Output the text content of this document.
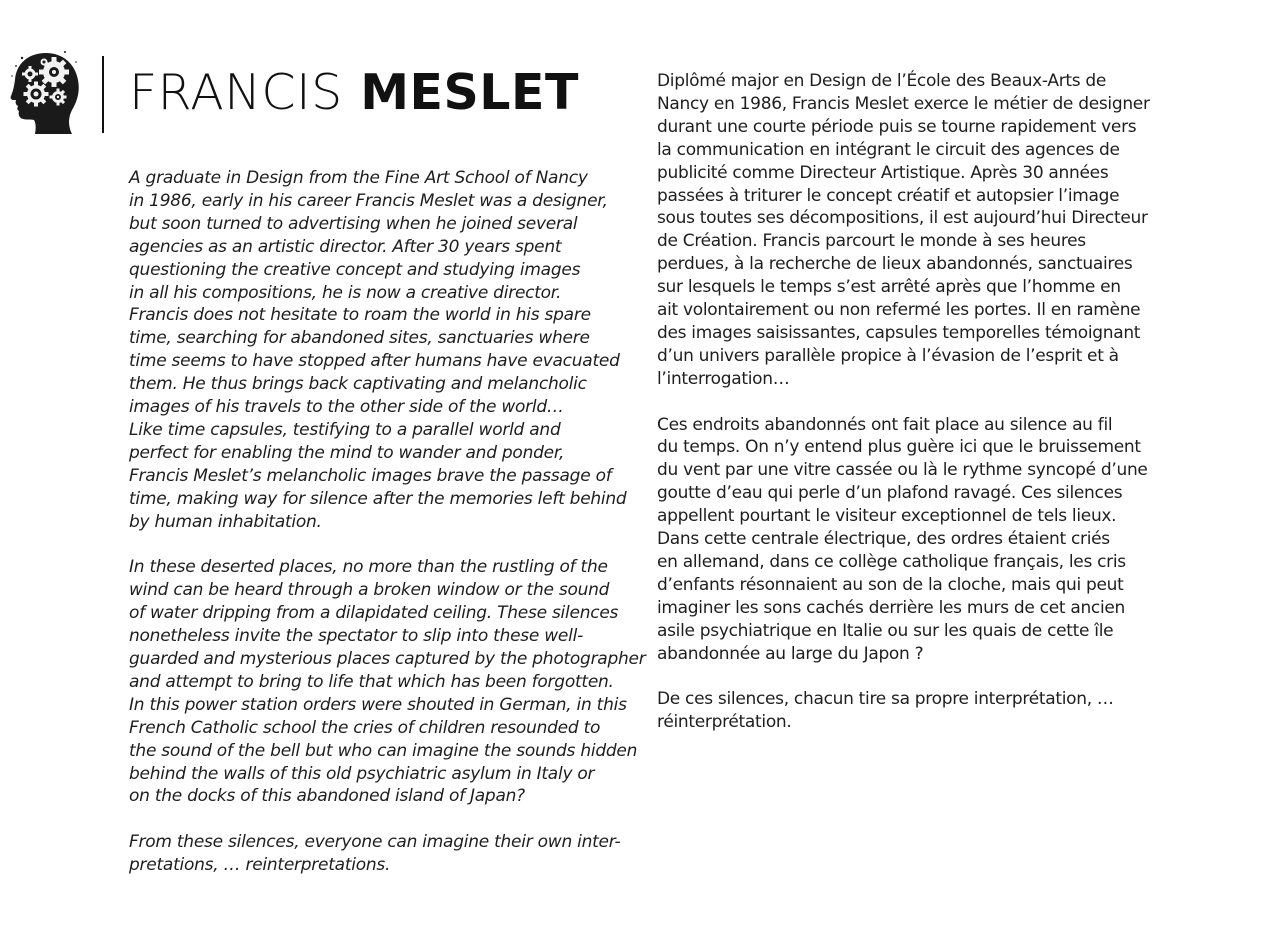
FRANCIS MESLET

A graduate in Design from the Fine Art School of Nancy
in 1986, early in his career Francis Meslet was a designer,
but soon turned to advertising when he joined several
agencies as an artistic director. After 30 years spent
questioning the creative concept and studying images
in all his compositions, he is now a creative director.
Francis does not hesitate to roam the world in his spare
time, searching for abandoned sites, sanctuaries where
time seems to have stopped after humans have evacuated
them. He thus brings back captivating and melancholic
images of his travels to the other side of the world…
Like time capsules, testifying to a parallel world and
perfect for enabling the mind to wander and ponder,
Francis Meslet’s melancholic images brave the passage of
time, making way for silence after the memories left behind
by human inhabitation.

In these deserted places, no more than the rustling of the
wind can be heard through a broken window or the sound
of water dripping from a dilapidated ceiling. These silences
nonetheless invite the spectator to slip into these well-
guarded and mysterious places captured by the photographer
and attempt to bring to life that which has been forgotten.
In this power station orders were shouted in German, in this
French Catholic school the cries of children resounded to
the sound of the bell but who can imagine the sounds hidden
behind the walls of this old psychiatric asylum in Italy or
on the docks of this abandoned island of Japan?

From these silences, everyone can imagine their own inter-
pretations, … reinterpretations.

Diplômé major en Design de l’École des Beaux-Arts de
Nancy en 1986, Francis Meslet exerce le métier de designer
durant une courte période puis se tourne rapidement vers
la communication en intégrant le circuit des agences de
publicité comme Directeur Artistique. Après 30 années
passées à triturer le concept créatif et autopsier l’image
sous toutes ses décompositions, il est aujourd’hui Directeur
de Création. Francis parcourt le monde à ses heures
perdues, à la recherche de lieux abandonnés, sanctuaires
sur lesquels le temps s’est arrêté après que l’homme en
ait volontairement ou non refermé les portes. Il en ramène
des images saisissantes, capsules temporelles témoignant
d’un univers parallèle propice à l’évasion de l’esprit et à
l’interrogation…

Ces endroits abandonnés ont fait place au silence au fil
du temps. On n’y entend plus guère ici que le bruissement
du vent par une vitre cassée ou là le rythme syncopé d’une
goutte d’eau qui perle d’un plafond ravagé. Ces silences
appellent pourtant le visiteur exceptionnel de tels lieux.
Dans cette centrale électrique, des ordres étaient criés
en allemand, dans ce collège catholique français, les cris
d’enfants résonnaient au son de la cloche, mais qui peut
imaginer les sons cachés derrière les murs de cet ancien
asile psychiatrique en Italie ou sur les quais de cette île
abandonnée au large du Japon ?

De ces silences, chacun tire sa propre interprétation, …
réinterprétation.
